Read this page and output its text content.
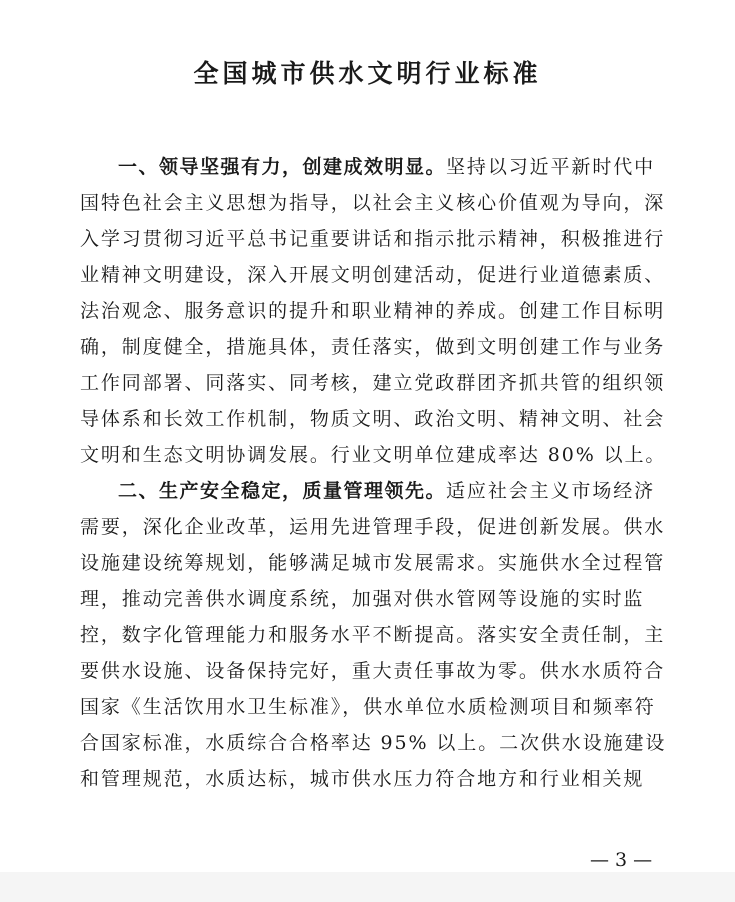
全国城市供水文明行业标准
一、领导坚强有力，创建成效明显。坚持以习近平新时代中
国特色社会主义思想为指导，以社会主义核心价值观为导向，深
入学习贯彻习近平总书记重要讲话和指示批示精神，积极推进行
业精神文明建设，深入开展文明创建活动，促进行业道德素质、
法治观念、服务意识的提升和职业精神的养成。创建工作目标明
确，制度健全，措施具体，责任落实，做到文明创建工作与业务
工作同部署、同落实、同考核，建立党政群团齐抓共管的组织领
导体系和长效工作机制，物质文明、政治文明、精神文明、社会
文明和生态文明协调发展。行业文明单位建成率达 80% 以上。
二、生产安全稳定，质量管理领先。适应社会主义市场经济
需要，深化企业改革，运用先进管理手段，促进创新发展。供水
设施建设统筹规划，能够满足城市发展需求。实施供水全过程管
理，推动完善供水调度系统，加强对供水管网等设施的实时监
控，数字化管理能力和服务水平不断提高。落实安全责任制，主
要供水设施、设备保持完好，重大责任事故为零。供水水质符合
国家《生活饮用水卫生标准》，供水单位水质检测项目和频率符
合国家标准，水质综合合格率达 95% 以上。二次供水设施建设
和管理规范，水质达标，城市供水压力符合地方和行业相关规
— 3 —
